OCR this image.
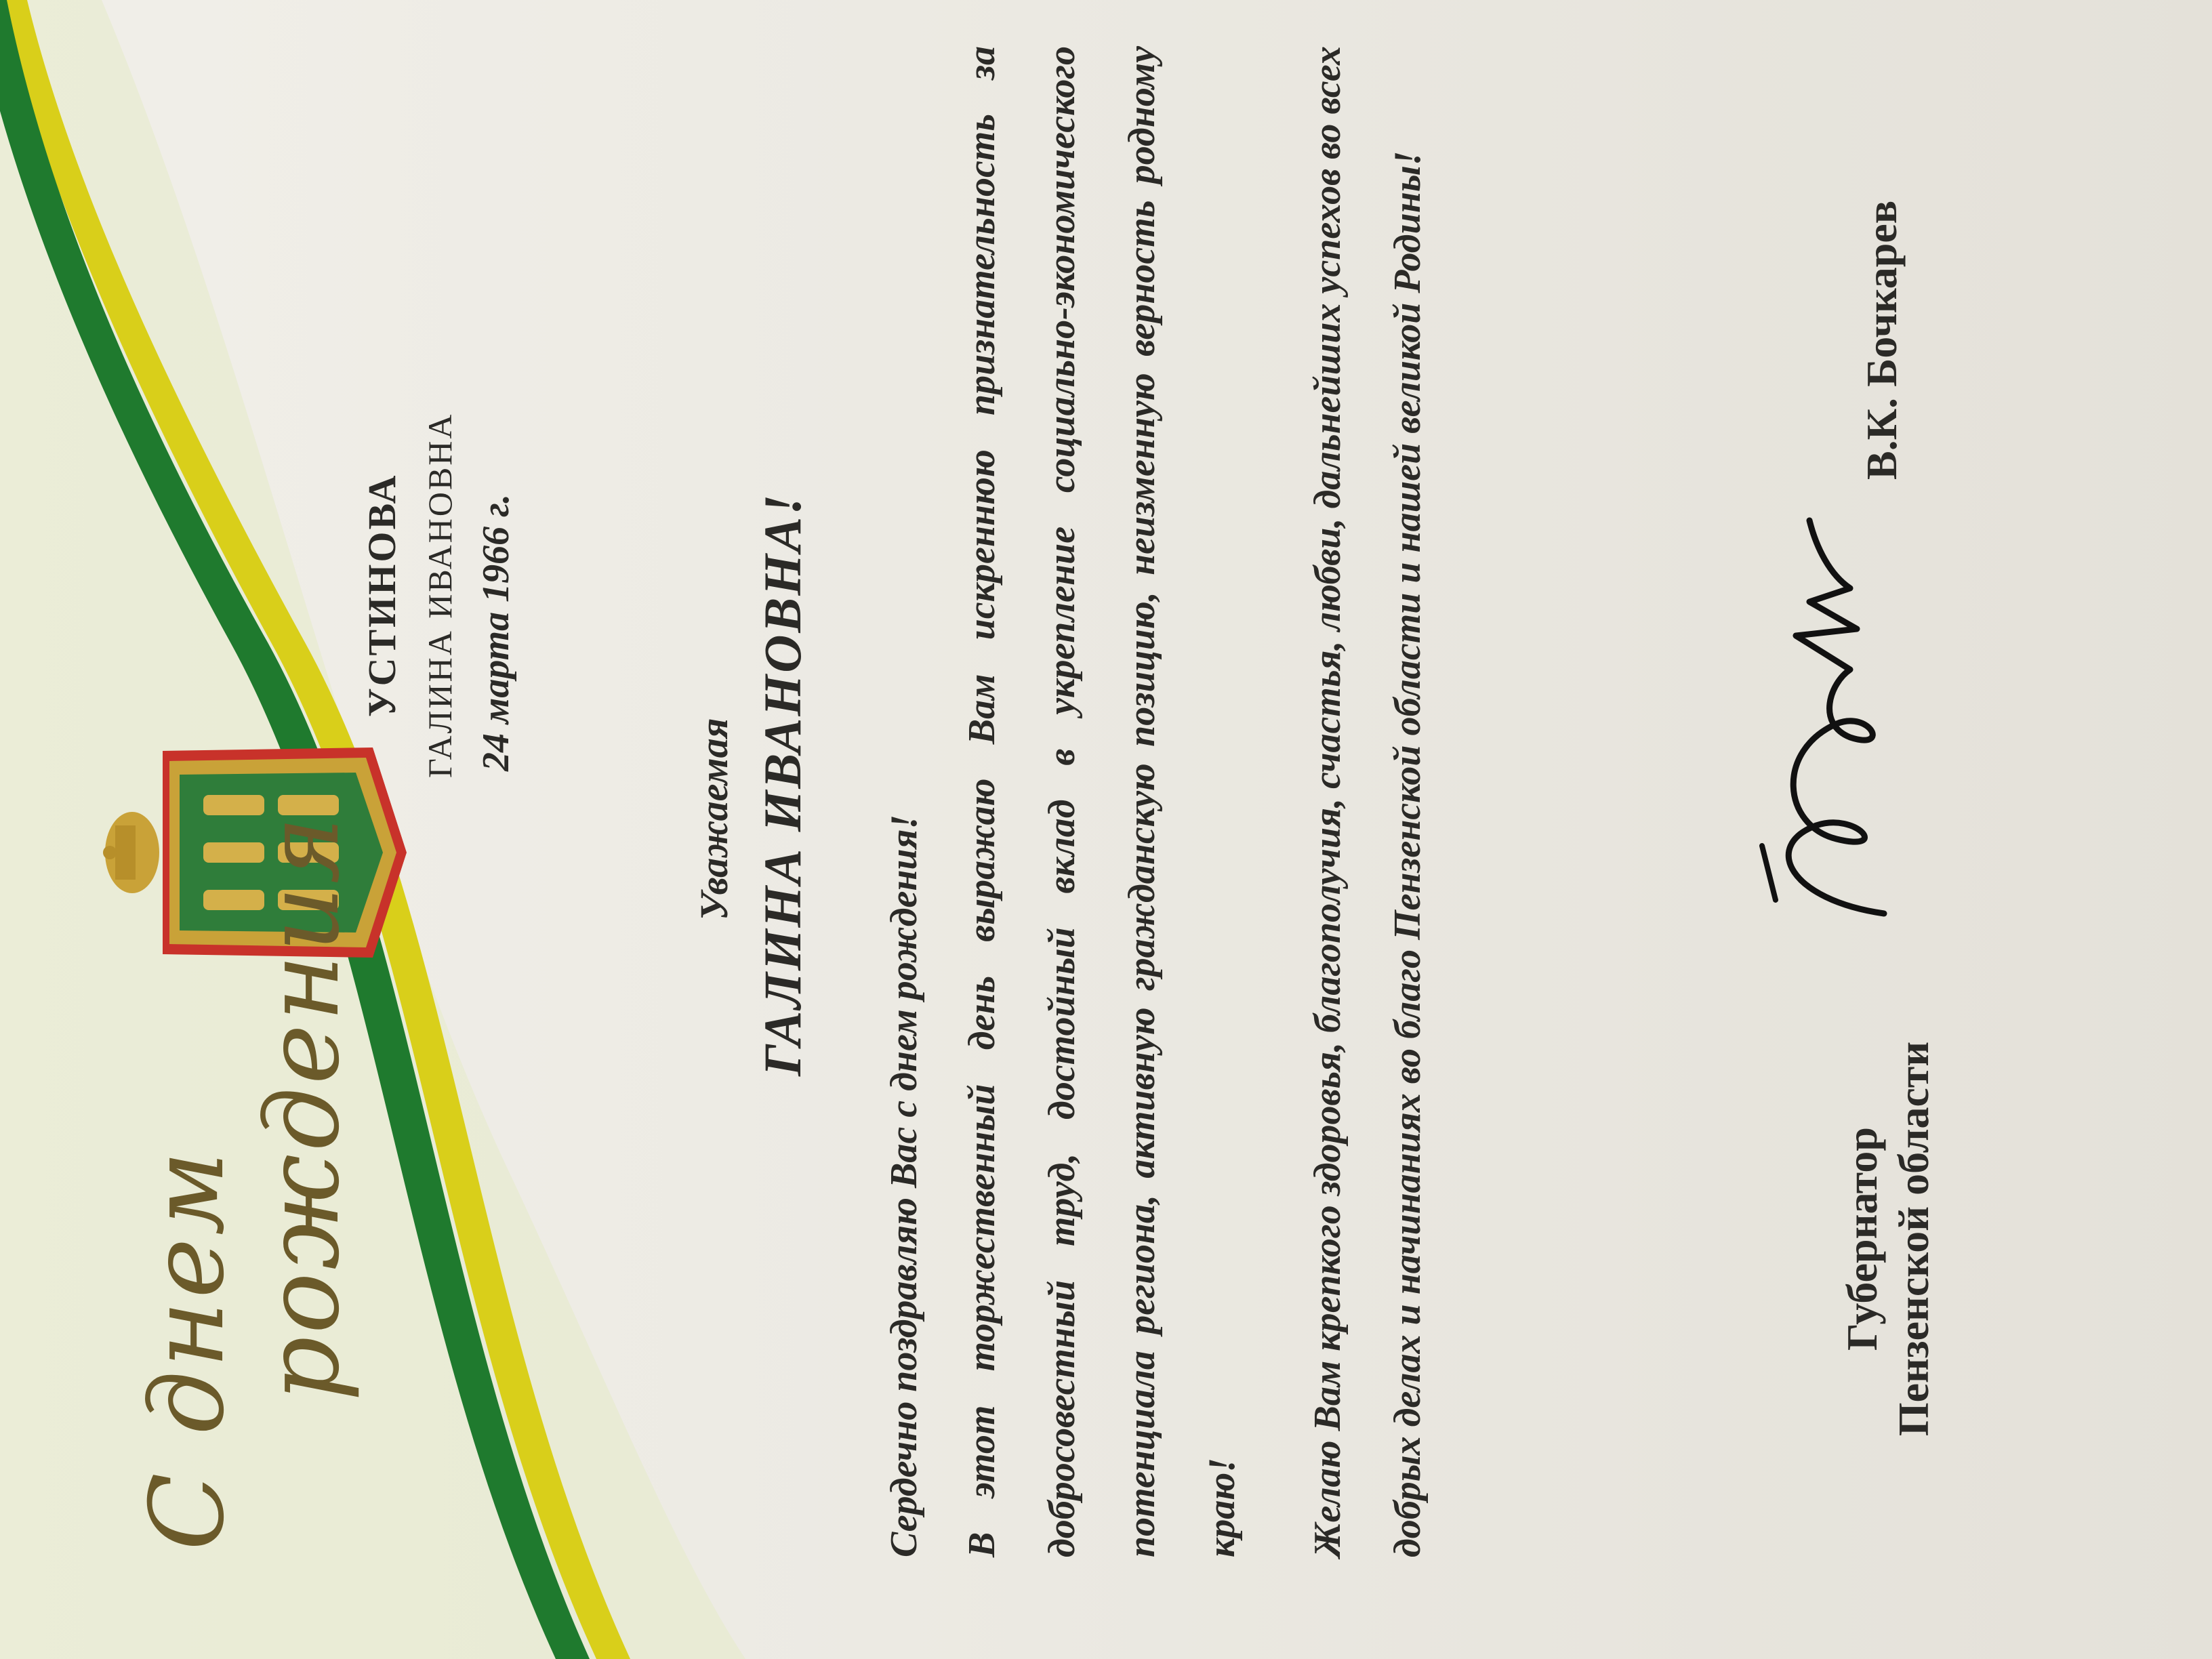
С днем
рождения
УСТИНОВА ГАЛИНА ИВАНОВНА 24 марта 1966 г.
Уважаемая ГАЛИНА ИВАНОВНА!
Сердечно поздравляю Вас с днем рождения! В этот торжественный день выражаю Вам искреннюю признательность за добросовестный труд, достойный вклад в укрепление социально-экономического потенциала региона, активную гражданскую позицию, неизменную верность родному краю!	Желаю Вам крепкого здоровья, благополучия, счастья, любви, дальнейших успехов во всех добрых делах и начинаниях во благо Пензенской области и нашей великой Родины!	Губернатор Пензенской области
В.К. Бочкарев
